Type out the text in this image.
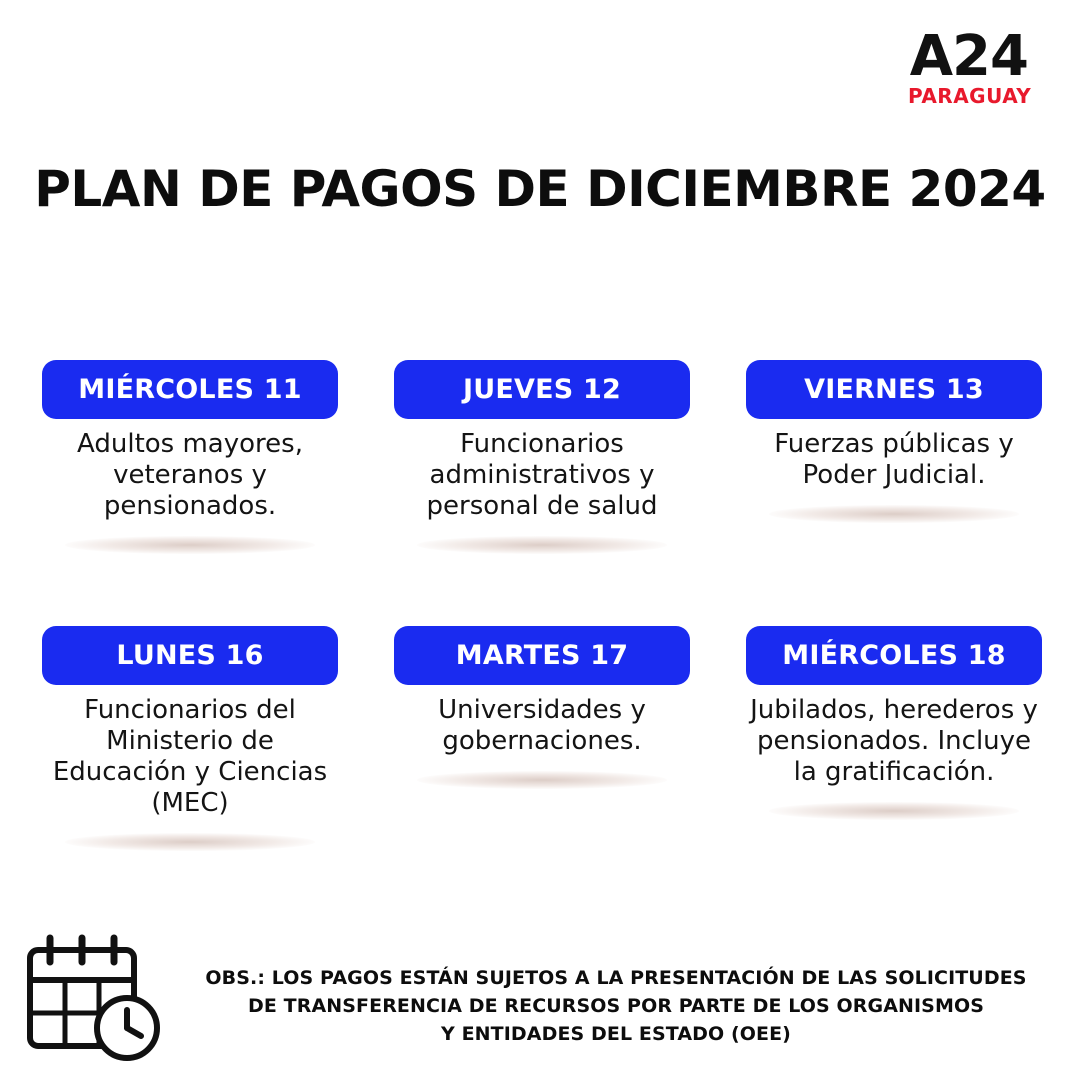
A24
PARAGUAY
PLAN DE PAGOS DE DICIEMBRE 2024
MIÉRCOLES 11
Adultos mayores, veteranos y pensionados.
JUEVES 12
Funcionarios administrativos y personal de salud
VIERNES 13
Fuerzas públicas y Poder Judicial.
LUNES 16
Funcionarios del Ministerio de Educación y Ciencias (MEC)
MARTES 17
Universidades y gobernaciones.
MIÉRCOLES 18
Jubilados, herederos y pensionados. Incluye la gratificación.
OBS.: LOS PAGOS ESTÁN SUJETOS A LA PRESENTACIÓN DE LAS SOLICITUDES
DE TRANSFERENCIA DE RECURSOS POR PARTE DE LOS ORGANISMOS
Y ENTIDADES DEL ESTADO (OEE)
